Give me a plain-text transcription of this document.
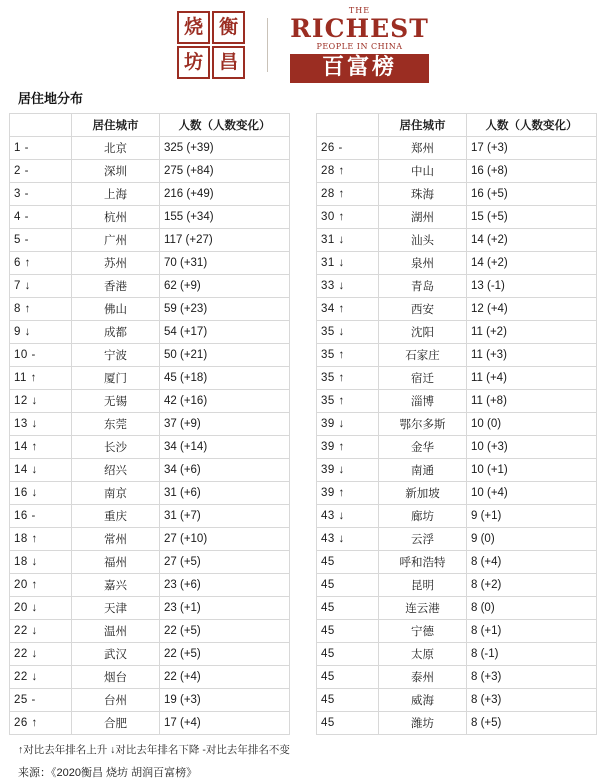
烧
坊
衡
昌
THE
RICHEST
PEOPLE IN CHINA
百富榜
居住地分布
	居住城市	人数（人数变化）
1 -	北京	325 (+39)
2 -	深圳	275 (+84)
3 -	上海	216 (+49)
4 -	杭州	155 (+34)
5 -	广州	117 (+27)
6 ↑	苏州	70 (+31)
7 ↓	香港	62 (+9)
8 ↑	佛山	59 (+23)
9 ↓	成都	54 (+17)
10 -	宁波	50 (+21)
11 ↑	厦门	45 (+18)
12 ↓	无锡	42 (+16)
13 ↓	东莞	37 (+9)
14 ↑	长沙	34 (+14)
14 ↓	绍兴	34 (+6)
16 ↓	南京	31 (+6)
16 -	重庆	31 (+7)
18 ↑	常州	27 (+10)
18 ↓	福州	27 (+5)
20 ↑	嘉兴	23 (+6)
20 ↓	天津	23 (+1)
22 ↓	温州	22 (+5)
22 ↓	武汉	22 (+5)
22 ↓	烟台	22 (+4)
25 -	台州	19 (+3)
26 ↑	合肥	17 (+4)
	居住城市	人数（人数变化）
26 -	郑州	17 (+3)
28 ↑	中山	16 (+8)
28 ↑	珠海	16 (+5)
30 ↑	湖州	15 (+5)
31 ↓	汕头	14 (+2)
31 ↓	泉州	14 (+2)
33 ↓	青岛	13 (-1)
34 ↑	西安	12 (+4)
35 ↓	沈阳	11 (+2)
35 ↑	石家庄	11 (+3)
35 ↑	宿迁	11 (+4)
35 ↑	淄博	11 (+8)
39 ↓	鄂尔多斯	10 (0)
39 ↑	金华	10 (+3)
39 ↓	南通	10 (+1)
39 ↑	新加坡	10 (+4)
43 ↓	廊坊	9 (+1)
43 ↓	云浮	9 (0)
45	呼和浩特	8 (+4)
45	昆明	8 (+2)
45	连云港	8 (0)
45	宁德	8 (+1)
45	太原	8 (-1)
45	泰州	8 (+3)
45	威海	8 (+3)
45	潍坊	8 (+5)
↑对比去年排名上升 ↓对比去年排名下降 -对比去年排名不变
来源：《2020衡昌 烧坊 胡润百富榜》
